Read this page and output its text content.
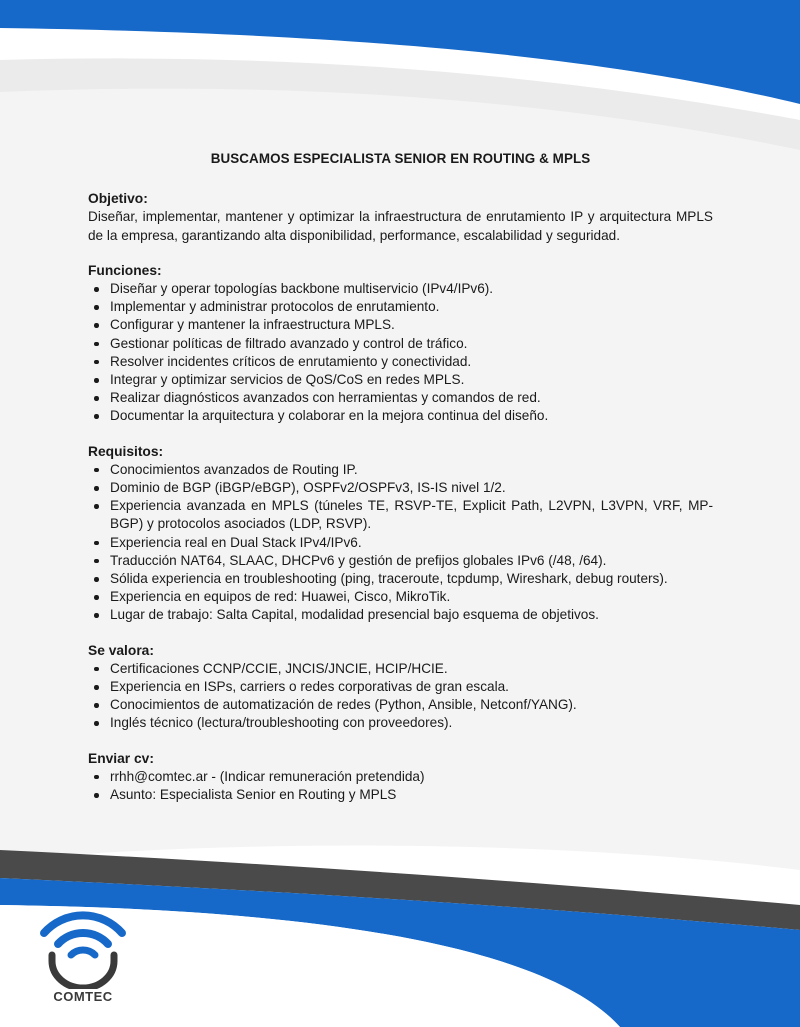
BUSCAMOS ESPECIALISTA SENIOR EN ROUTING & MPLS
Objetivo:

Diseñar, implementar, mantener y optimizar la infraestructura de enrutamiento IP y arquitectura MPLS de la empresa, garantizando alta disponibilidad, performance, escalabilidad y seguridad.

Funciones:
Diseñar y operar topologías backbone multiservicio (IPv4/IPv6).
Implementar y administrar protocolos de enrutamiento.
Configurar y mantener la infraestructura MPLS.
Gestionar políticas de filtrado avanzado y control de tráfico.
Resolver incidentes críticos de enrutamiento y conectividad.
Integrar y optimizar servicios de QoS/CoS en redes MPLS.
Realizar diagnósticos avanzados con herramientas y comandos de red.
Documentar la arquitectura y colaborar en la mejora continua del diseño.
Requisitos:
Conocimientos avanzados de Routing IP.
Dominio de BGP (iBGP/eBGP), OSPFv2/OSPFv3, IS-IS nivel 1/2.
Experiencia avanzada en MPLS (túneles TE, RSVP-TE, Explicit Path, L2VPN, L3VPN, VRF, MP-BGP) y protocolos asociados (LDP, RSVP).
Experiencia real en Dual Stack IPv4/IPv6.
Traducción NAT64, SLAAC, DHCPv6 y gestión de prefijos globales IPv6 (/48, /64).
Sólida experiencia en troubleshooting (ping, traceroute, tcpdump, Wireshark, debug routers).
Experiencia en equipos de red: Huawei, Cisco, MikroTik.
Lugar de trabajo: Salta Capital, modalidad presencial bajo esquema de objetivos.
Se valora:
Certificaciones CCNP/CCIE, JNCIS/JNCIE, HCIP/HCIE.
Experiencia en ISPs, carriers o redes corporativas de gran escala.
Conocimientos de automatización de redes (Python, Ansible, Netconf/YANG).
Inglés técnico (lectura/troubleshooting con proveedores).
Enviar cv:
rrhh@comtec.ar - (Indicar remuneración pretendida)
Asunto: Especialista Senior en Routing y MPLS
COMTEC
